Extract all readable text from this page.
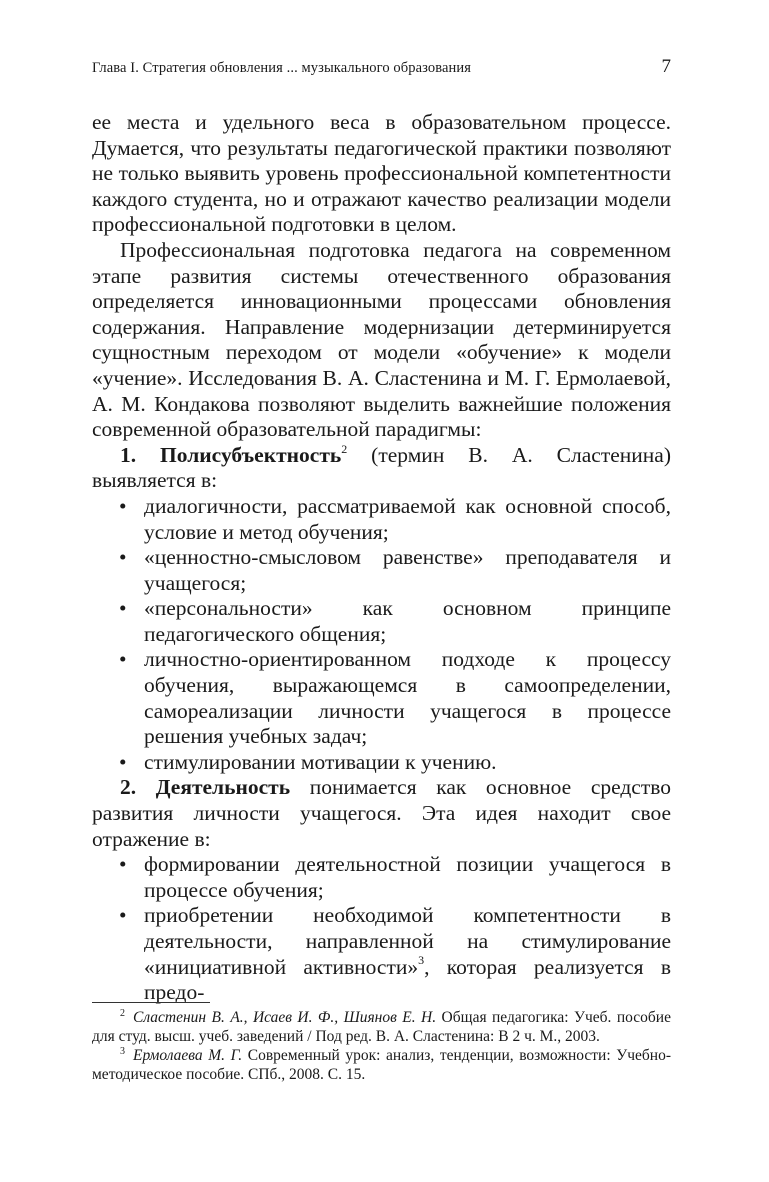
Глава I. Стратегия обновления ... музыкального образования	7

ее места и удельного веса в образовательном процессе. Думается, что результаты педагогической практики позволяют не только выявить уровень профессиональной компетентности каждого студента, но и отражают качество реализации модели профессиональной подготовки в целом.

Профессиональная подготовка педагога на современном этапе развития системы отечественного образования определяется инновационными процессами обновления содержания. Направление модернизации детерминируется сущностным переходом от модели «обучение» к модели «учение». Исследования В. А. Сластенина и М. Г. Ермолаевой, А. М. Кондакова позволяют выделить важнейшие положения современной образовательной парадигмы:

1. Полисубъектность$^2$ (термин В. А. Сластенина) выявляется в:

• диалогичности, рассматриваемой как основной способ, условие и метод обучения;
• «ценностно-смысловом равенстве» преподавателя и учащегося;
• «персональности» как основном принципе педагогического общения;
• личностно-ориентированном подходе к процессу обучения, выражающемся в самоопределении, самореализации личности учащегося в процессе решения учебных задач;
• стимулировании мотивации к учению.

2. Деятельность понимается как основное средство развития личности учащегося. Эта идея находит свое отражение в:

• формировании деятельностной позиции учащегося в процессе обучения;
• приобретении необходимой компетентности в деятельности, направленной на стимулирование «инициативной активности»$^3$, которая реализуется в предо-

$^2$ Сластенин В. А., Исаев И. Ф., Шиянов Е. Н. Общая педагогика: Учеб. пособие для студ. высш. учеб. заведений / Под ред. В. А. Сластенина: В 2 ч. М., 2003.

$^3$ Ермолаева М. Г. Современный урок: анализ, тенденции, возможности: Учебно-методическое пособие. СПб., 2008. С. 15.
